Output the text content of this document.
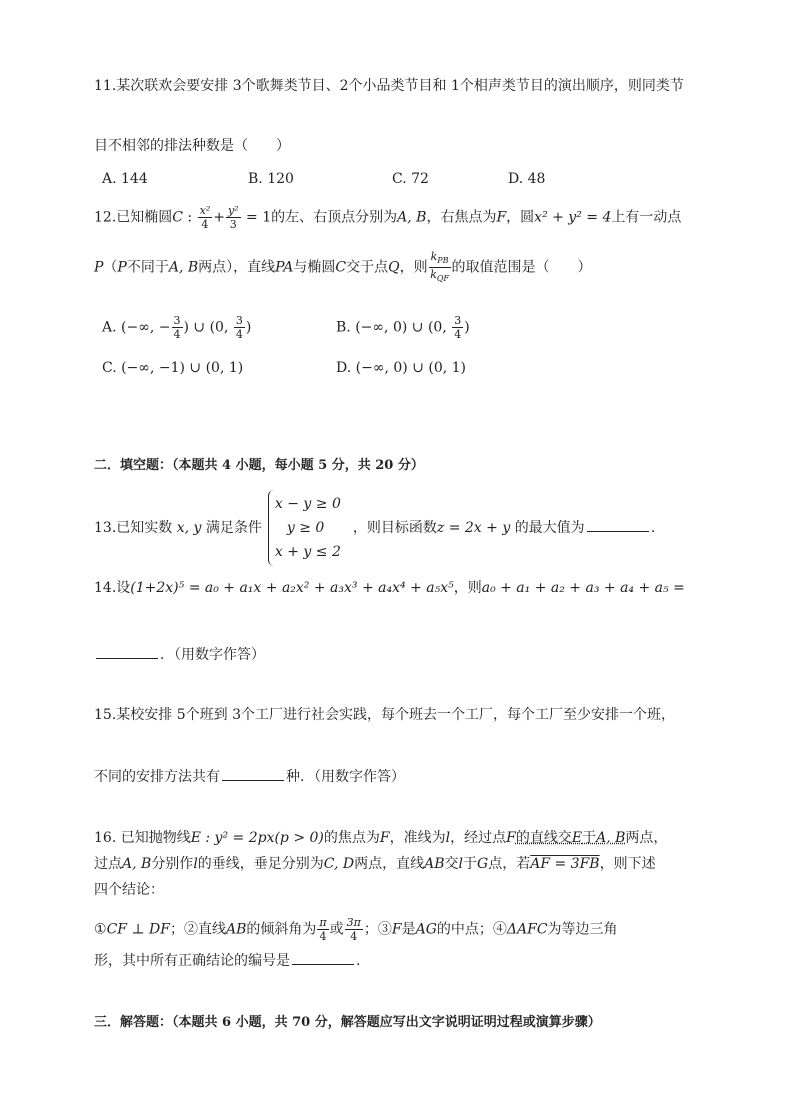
11.某次联欢会要安排 3个歌舞类节目、2个小品类节目和 1个相声类节目的演出顺序，则同类节
目不相邻的排法种数是（　　）
A. 144	B. 120	C. 72	D. 48
12.已知椭圆C : $\frac{\text{x²}}{4} + \frac{\text{y²}}{3} = 1$的左、右顶点分别为A, B，右焦点为F，圆x² + y² = 4上有一动点
P（P不同于A, B两点），直线PA与椭圆C交于点Q，则 $\frac{k_{PB}}{k_{QF}}$ 的取值范围是（　　）
A. (−∞, − $\frac{3}{4}$ ) ∪ (0, $\frac{3}{4}$ )	B. (−∞, 0) ∪ (0, $\frac{3}{4}$ )
C. (−∞, −1) ∪ (0, 1)	D. (−∞, 0) ∪ (0, 1)
二．填空题：（本题共 4 小题，每小题 5 分，共 20 分）
13.已知实数 x, y 满足条件
x − y ≥ 0
y ≥ 0
x + y ≤ 2
，则目标函数z = 2x + y 的最大值为	.
14.设(1+2x)⁵ = a₀ + a₁x + a₂x² + a₃x³ + a₄x⁴ + a₅x⁵，则a₀ + a₁ + a₂ + a₃ + a₄ + a₅ =
．（用数字作答）
15.某校安排 5个班到 3个工厂进行社会实践，每个班去一个工厂，每个工厂至少安排一个班，
不同的安排方法共有	种．（用数字作答）
16. 已知抛物线E : y² = 2px(p > 0)的焦点为F，准线为l，经过点F的直线交E于A, B两点，
过点A, B分别作l的垂线，垂足分别为C, D两点，直线AB交l于G点，若AF = 3FB，则下述
四个结论：
①CF ⊥ DF；②直线AB的倾斜角为 $\frac{\pi}{4}$ 或 $\frac{3\pi}{4}$ ；③F是AG的中点；④ΔAFC为等边三角
形，其中所有正确结论的编号是	.
三．解答题：（本题共 6 小题，共 70 分，解答题应写出文字说明证明过程或演算步骤）
